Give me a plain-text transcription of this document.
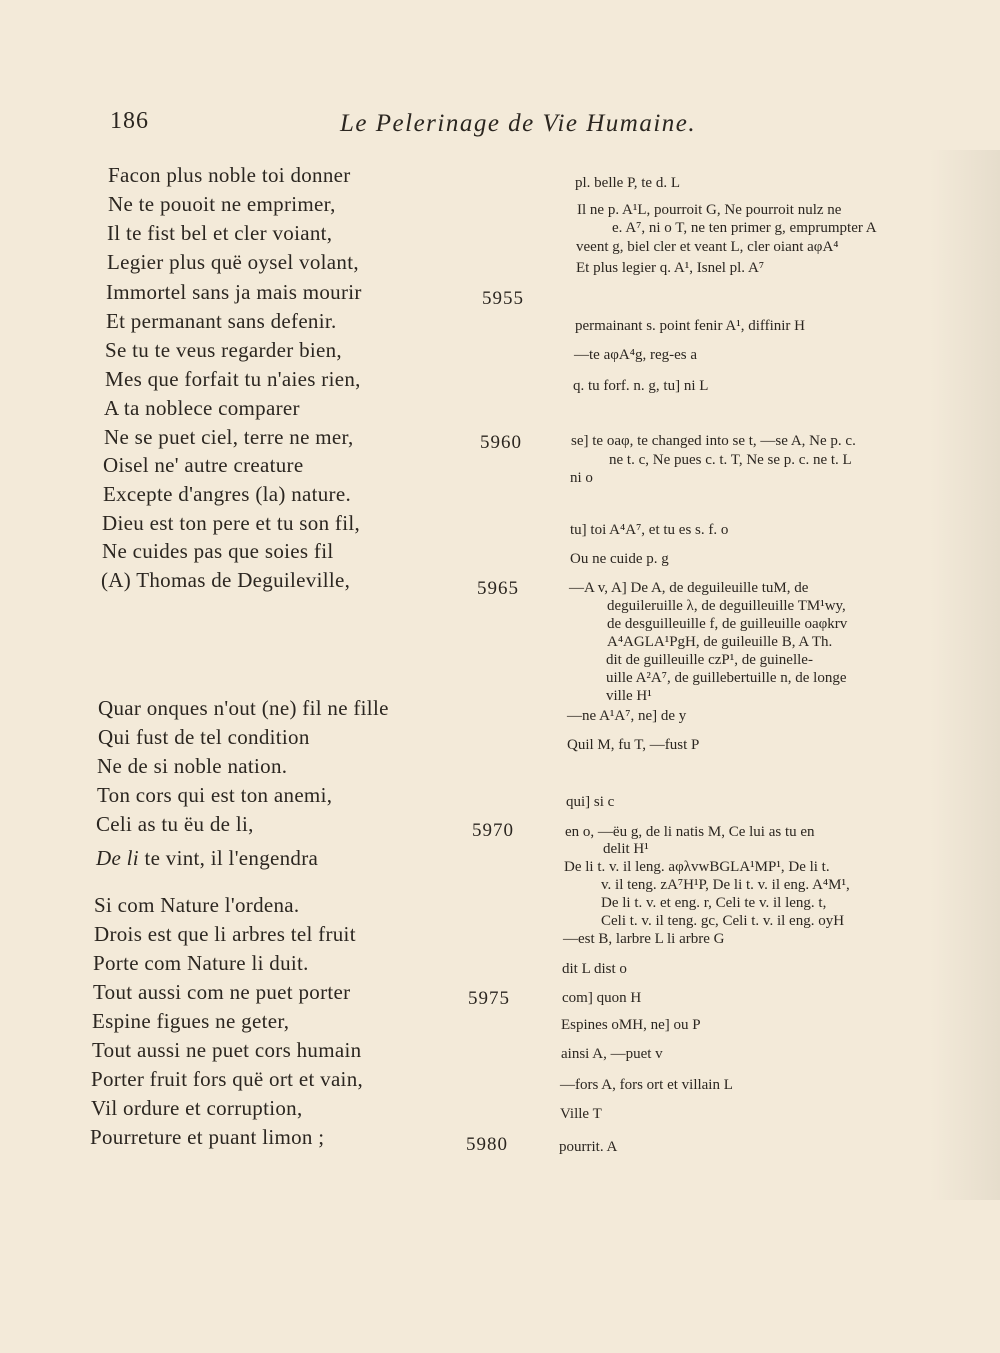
186	Le Pelerinage de Vie Humaine.
Facon plus noble toi donner
Ne te pouoit ne emprimer,
Il te fist bel et cler voiant,
Legier plus quë oysel volant,
Immortel sans ja mais mourir
Et permanant sans defenir.
Se tu te veus regarder bien,
Mes que forfait tu n'aies rien,
A ta noblece comparer
Ne se puet ciel, terre ne mer,
Oisel ne' autre creature
Excepte d'angres (la) nature.
Dieu est ton pere et tu son fil,
Ne cuides pas que soies fil
(A) Thomas de Deguileville,
Quar onques n'out (ne) fil ne fille
Qui fust de tel condition
Ne de si noble nation.
Ton cors qui est ton anemi,
Celi as tu ëu de li,
De li te vint, il l'engendra
Si com Nature l'ordena.
Drois est que li arbres tel fruit
Porte com Nature li duit.
Tout aussi com ne puet porter
Espine figues ne geter,
Tout aussi ne puet cors humain
Porter fruit fors quë ort et vain,
Vil ordure et corruption,
Pourreture et puant limon ;
5955
5960
5965
5970
5975
5980
pl. belle P, te d. L
Il ne p. A¹L, pourroit G, Ne pourroit nulz ne
e. A⁷, ni o T, ne ten primer g, emprumpter A
veent g, biel cler et veant L, cler oiant aφA⁴
Et plus legier q. A¹, Isnel pl. A⁷
permainant s. point fenir A¹, diffinir H
—te aφA⁴g, reg-es a
q. tu forf. n. g, tu] ni L
se] te oaφ, te changed into se t, —se A, Ne p. c.
ne t. c, Ne pues c. t. T, Ne se p. c. ne t. L
ni o
tu] toi A⁴A⁷, et tu es s. f. o
Ou ne cuide p. g
—A v, A] De A, de deguileuille tuM, de
deguileruille λ, de deguilleuille TM¹wy,
de desguilleuille f, de guilleuille oaφkrv
A⁴AGLA¹PgH, de guileuille B, A Th.
dit de guilleuille czP¹, de guinelle-
uille A²A⁷, de guillebertuille n, de longe
ville H¹
—ne A¹A⁷, ne] de y
Quil M, fu T, —fust P
qui] si c
en o, —ëu g, de li natis M, Ce lui as tu en
delit H¹
De li t. v. il leng. aφλvwBGLA¹MP¹, De li t.
v. il teng. zA⁷H¹P, De li t. v. il eng. A⁴M¹,
De li t. v. et eng. r, Celi te v. il leng. t,
Celi t. v. il teng. gc, Celi t. v. il eng. oyH
—est B, larbre L li arbre G
dit L dist o
com] quon H
Espines oMH, ne] ou P
ainsi A, —puet v
—fors A, fors ort et villain L
Ville T
pourrit. A
